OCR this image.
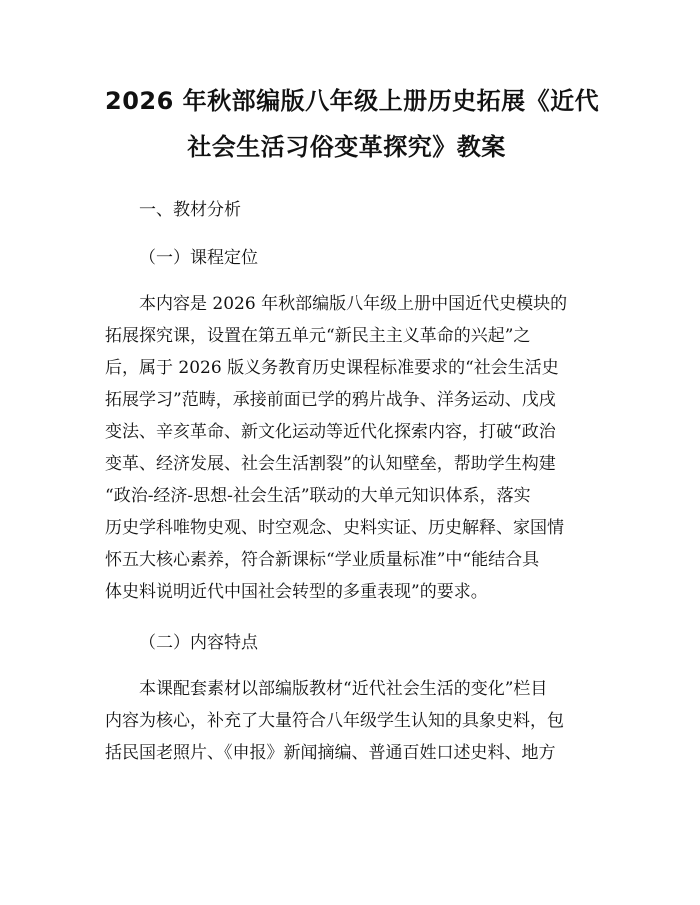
2026 年秋部编版八年级上册历史拓展《近代
社会生活习俗变革探究》教案
一、教材分析
（一）课程定位
本内容是 2026 年秋部编版八年级上册中国近代史模块的
拓展探究课，设置在第五单元“新民主主义革命的兴起”之
后，属于 2026 版义务教育历史课程标准要求的“社会生活史
拓展学习”范畴，承接前面已学的鸦片战争、洋务运动、戊戌
变法、辛亥革命、新文化运动等近代化探索内容，打破“政治
变革、经济发展、社会生活割裂”的认知壁垒，帮助学生构建
“政治-经济-思想-社会生活”联动的大单元知识体系，落实
历史学科唯物史观、时空观念、史料实证、历史解释、家国情
怀五大核心素养，符合新课标“学业质量标准”中“能结合具
体史料说明近代中国社会转型的多重表现”的要求。
（二）内容特点
本课配套素材以部编版教材“近代社会生活的变化”栏目
内容为核心，补充了大量符合八年级学生认知的具象史料，包
括民国老照片、《申报》新闻摘编、普通百姓口述史料、地方
